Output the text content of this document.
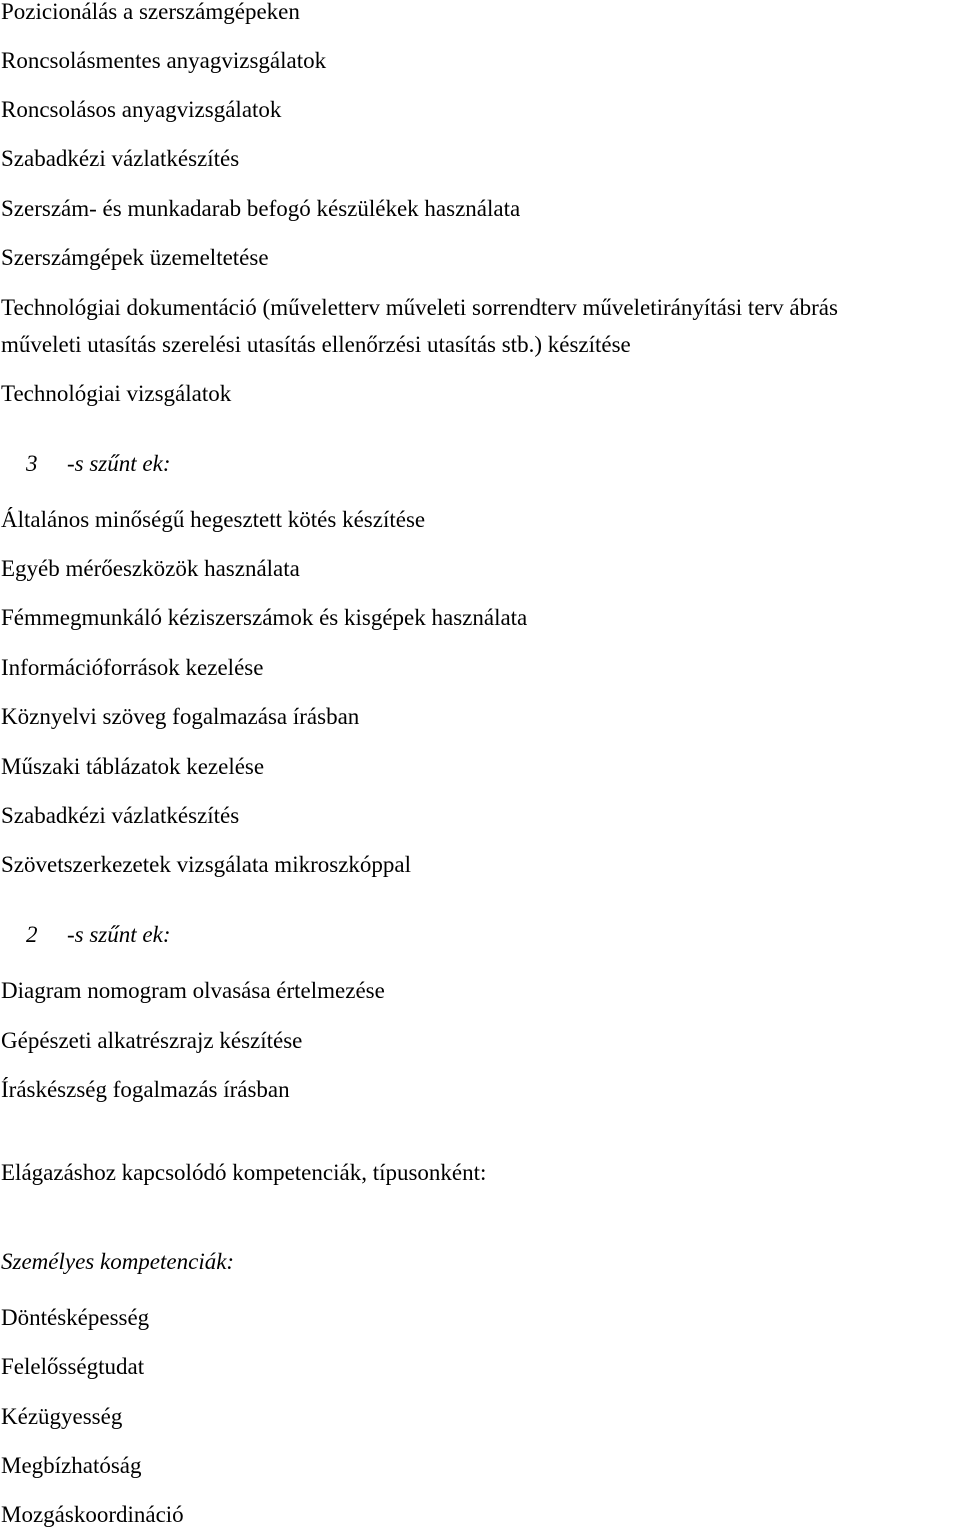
Pozicionálás a szerszámgépeken

Roncsolásmentes anyagvizsgálatok

Roncsolásos anyagvizsgálatok

Szabadkézi vázlatkészítés

Szerszám- és munkadarab befogó készülékek használata

Szerszámgépek üzemeltetése

Technológiai dokumentáció (műveletterv műveleti sorrendterv műveletirányítási terv ábrás

műveleti utasítás szerelési utasítás ellenőrzési utasítás stb.) készítése

Technológiai vizsgálatok

3 -s szűnt ek:

Általános minőségű hegesztett kötés készítése

Egyéb mérőeszközök használata

Fémmegmunkáló kéziszerszámok és kisgépek használata

Információforrások kezelése

Köznyelvi szöveg fogalmazása írásban

Műszaki táblázatok kezelése

Szabadkézi vázlatkészítés

Szövetszerkezetek vizsgálata mikroszkóppal

2 -s szűnt ek:

Diagram nomogram olvasása értelmezése

Gépészeti alkatrészrajz készítése

Íráskészség fogalmazás írásban

Elágazáshoz kapcsolódó kompetenciák, típusonként:

Személyes kompetenciák:

Döntésképesség

Felelősségtudat

Kézügyesség

Megbízhatóság

Mozgáskoordináció
